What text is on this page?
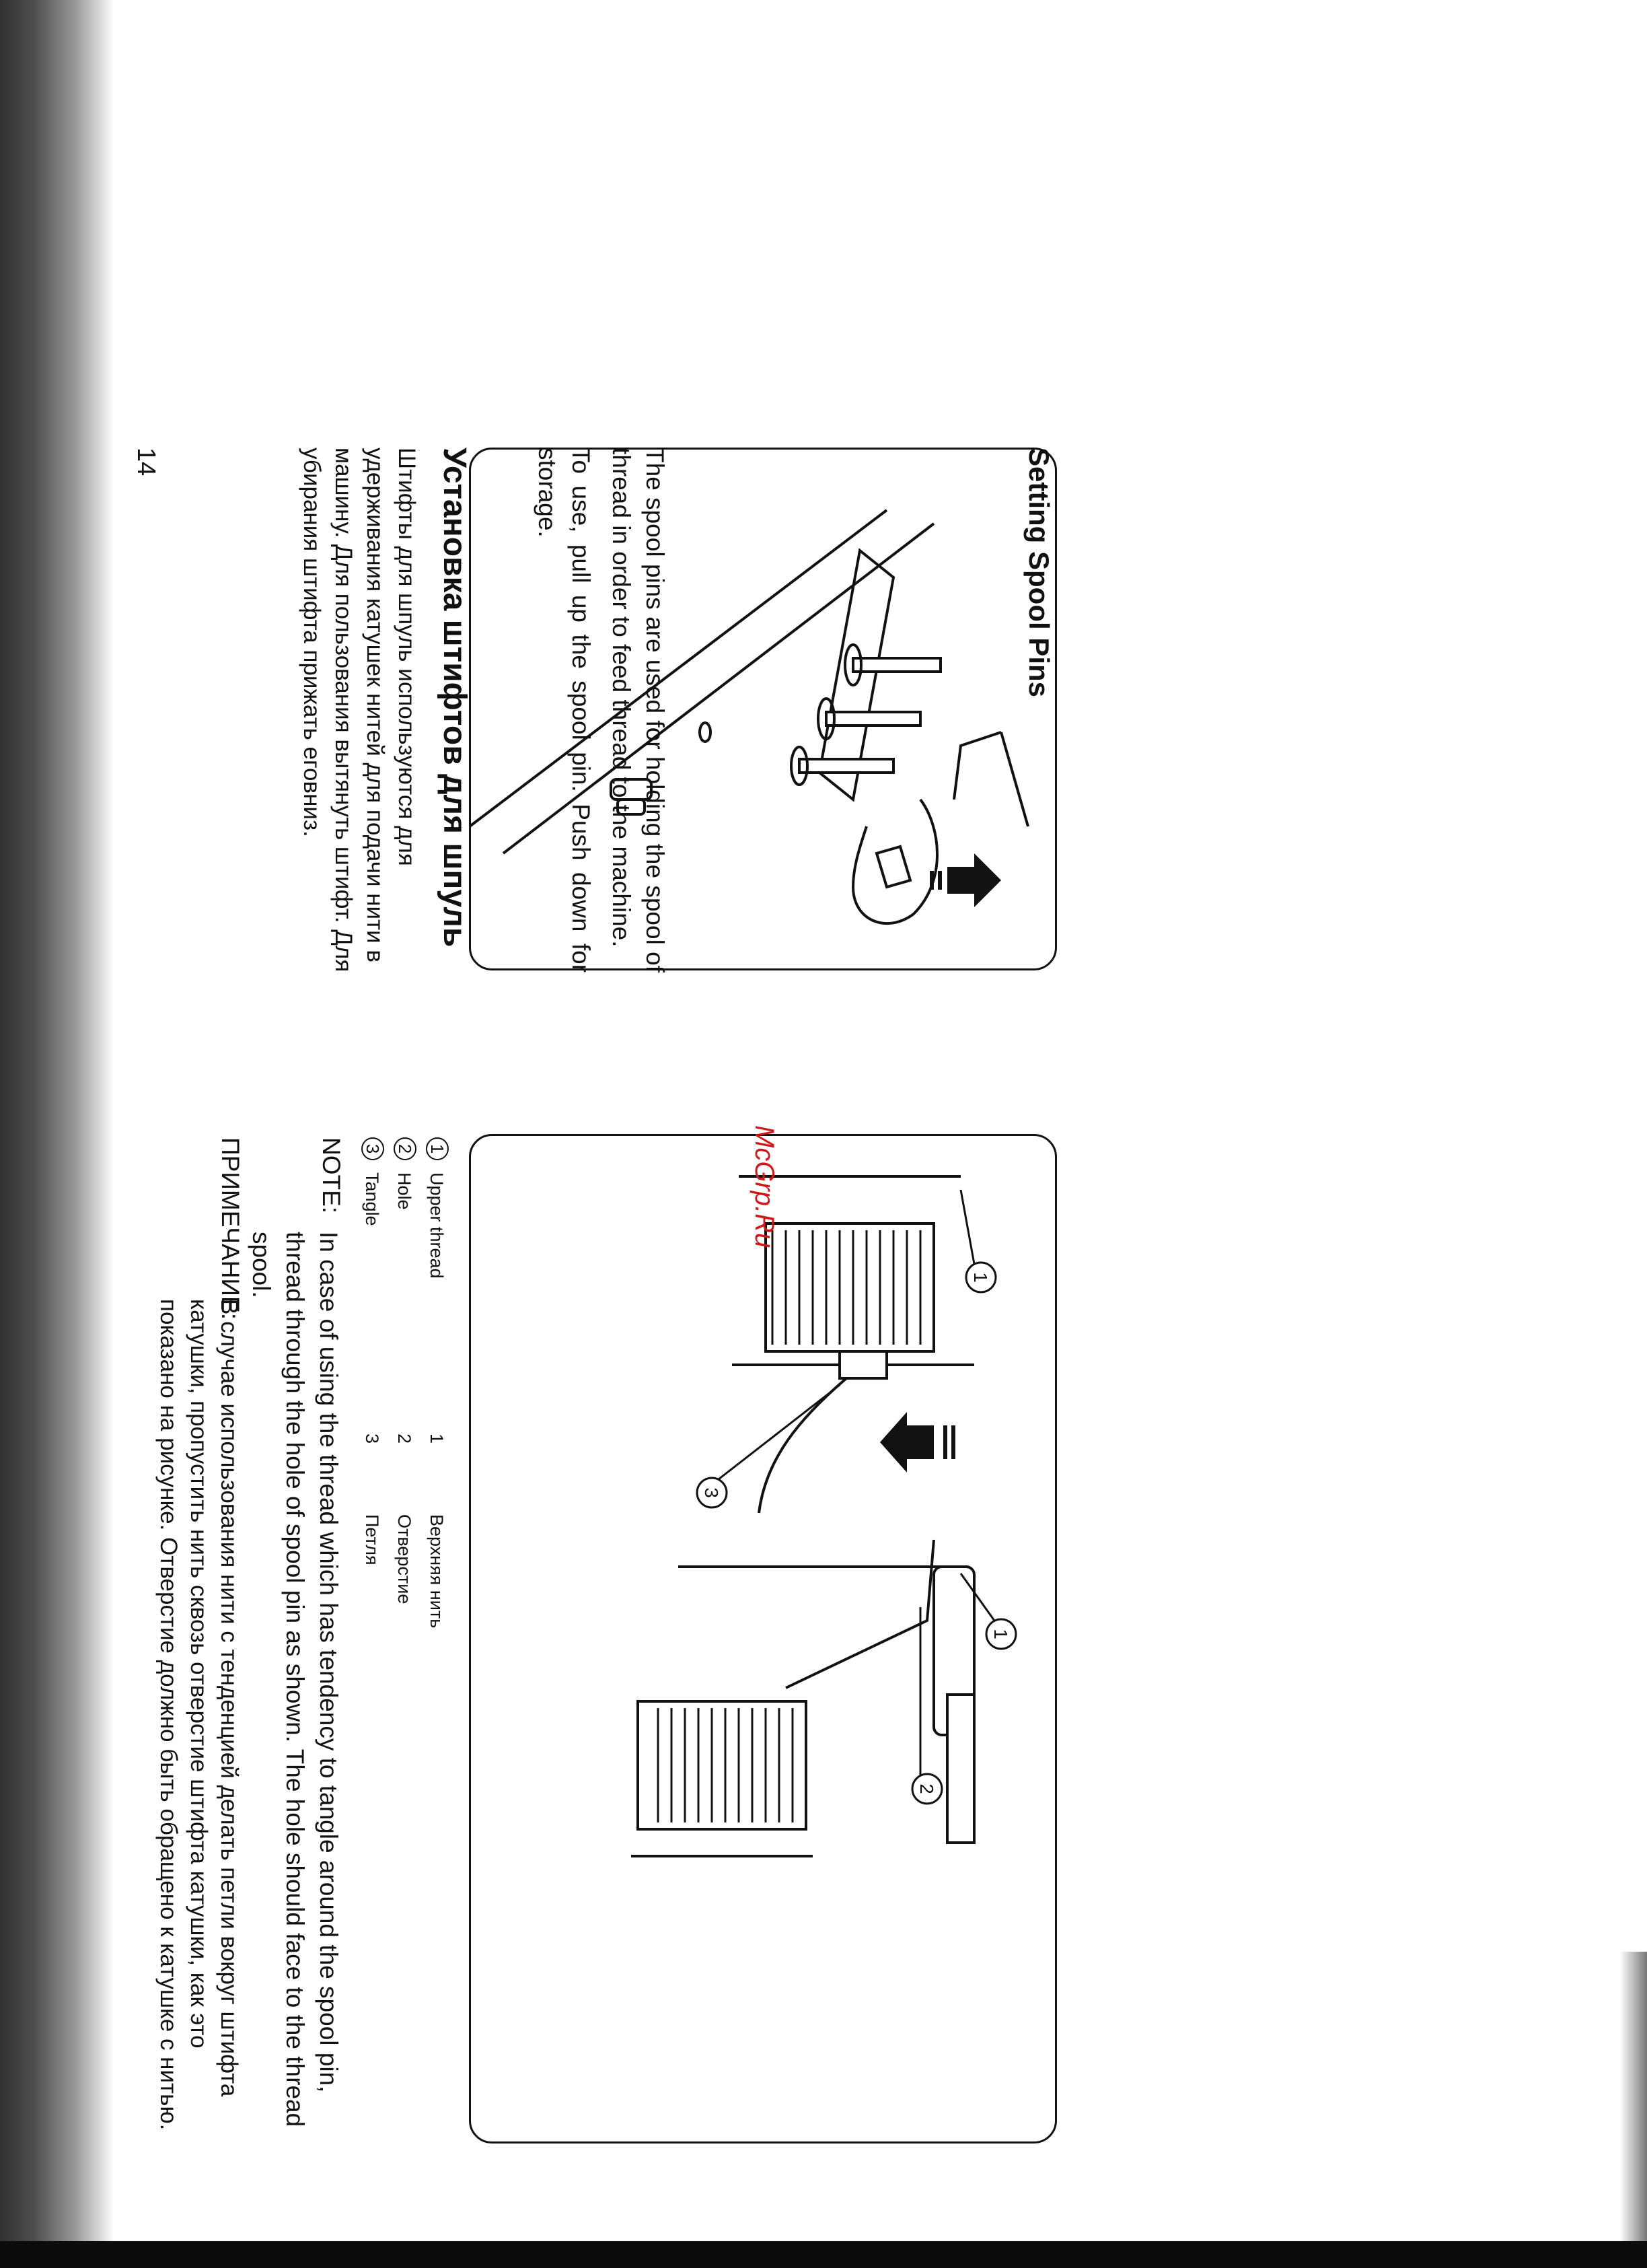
1
3
1
2
Setting Spool Pins
The spool pins are used for holding the spool of thread in order to feed thread to the machine.
To use, pull up the spool pin. Push down for storage.
Установка штифтов для шпуль
Штифты для шпуль используются для удерживания катушек нитей для подачи нити в машину. Для пользования вытянуть штифт. Для убирания штифта прижать еговниз.
1
Upper thread
1
Верхняя нить
2
Hole
2
Отверстие
3
Tangle
3
Петля
NOTE:
In case of using the thread which has tendency to tangle around the spool pin, thread through the hole of spool pin as shown. The hole should face to the thread spool.
ПРИМЕЧАНИЕ:
В случае использования нити с тенденцией делать петли вокруг штифта катушки, пропустить нить сквозь отверстие штифта катушки, как это показано на рисунке. Отверстие должно быть обращено к катушке с нитью.
McGrp.Ru
14
